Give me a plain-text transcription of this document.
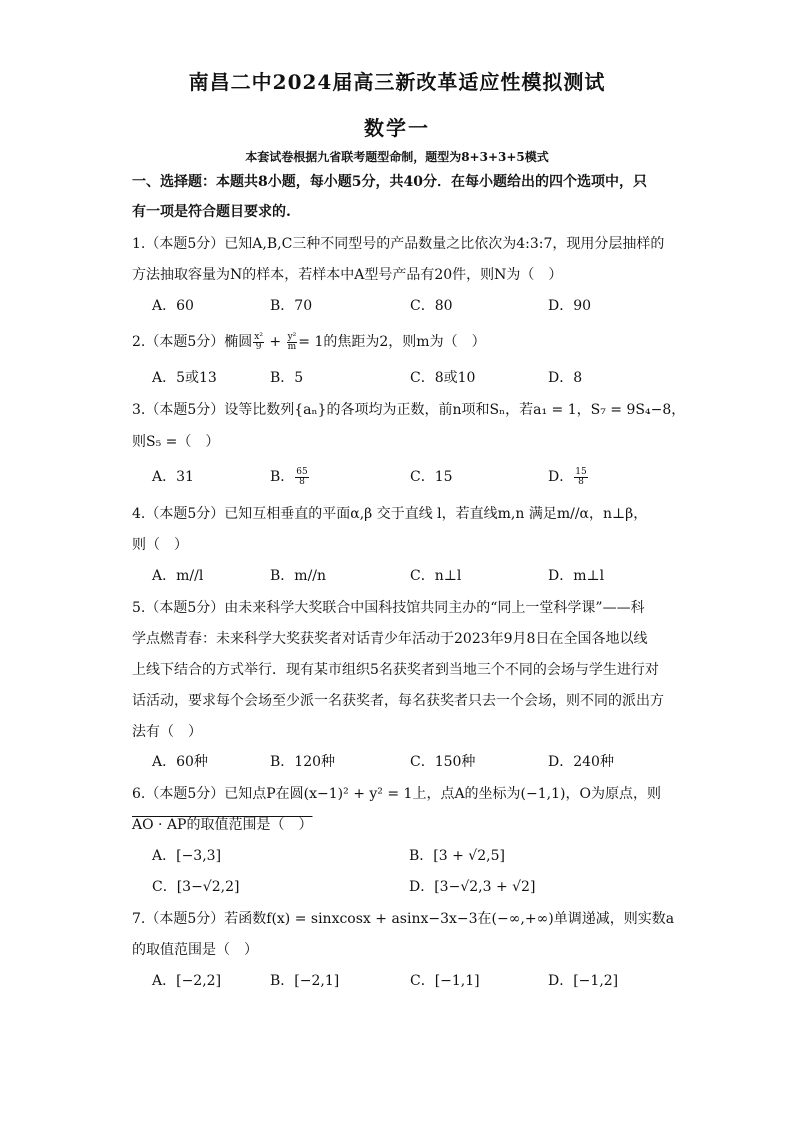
南昌二中2024届高三新改革适应性模拟测试
数学一
本套试卷根据九省联考题型命制，题型为8+3+3+5模式
一、选择题：本题共8小题，每小题5分，共40分．在每小题给出的四个选项中，只
有一项是符合题目要求的.
1.（本题5分）已知A,B,C三种不同型号的产品数量之比依次为4:3:7，现用分层抽样的
方法抽取容量为N的样本，若样本中A型号产品有20件，则N为（　）
A．60	B．70	C．80	D．90
2.（本题5分）椭圆 $\frac{\text{x²}}{9} + \frac{\text{y²}}{m} = 1$的焦距为2，则m为（　）
A．5或13	B．5	C．8或10	D．8
3.（本题5分）设等比数列{aₙ}的各项均为正数，前n项和Sₙ，若a₁ = 1，S₇ = 9S₄−8，
则S₅ =（　）
A．31	B． $\frac{65}{8}$	C．15	D． $\frac{15}{8}$
4.（本题5分）已知互相垂直的平面α,β 交于直线 l，若直线m,n 满足m//α，n⊥β，
则（　）
A．m//l	B．m//n	C．n⊥l	D．m⊥l
5.（本题5分）由未来科学大奖联合中国科技馆共同主办的“同上一堂科学课”——科
学点燃青春：未来科学大奖获奖者对话青少年活动于2023年9月8日在全国各地以线
上线下结合的方式举行．现有某市组织5名获奖者到当地三个不同的会场与学生进行对
话活动，要求每个会场至少派一名获奖者，每名获奖者只去一个会场，则不同的派出方
法有（　）
A．60种	B．120种	C．150种	D．240种
6.（本题5分）已知点P在圆(x−1)² + y² = 1上，点A的坐标为(−1,1)，O为原点，则
AO · AP的取值范围是（　）
A．[−3,3]	B．[3 + √2,5]
C．[3−√2,2]	D．[3−√2,3 + √2]
7.（本题5分）若函数f(x) = sinxcosx + asinx−3x−3在(−∞,+∞)单调递减，则实数a
的取值范围是（　）
A．[−2,2]	B．[−2,1]	C．[−1,1]	D．[−1,2]
